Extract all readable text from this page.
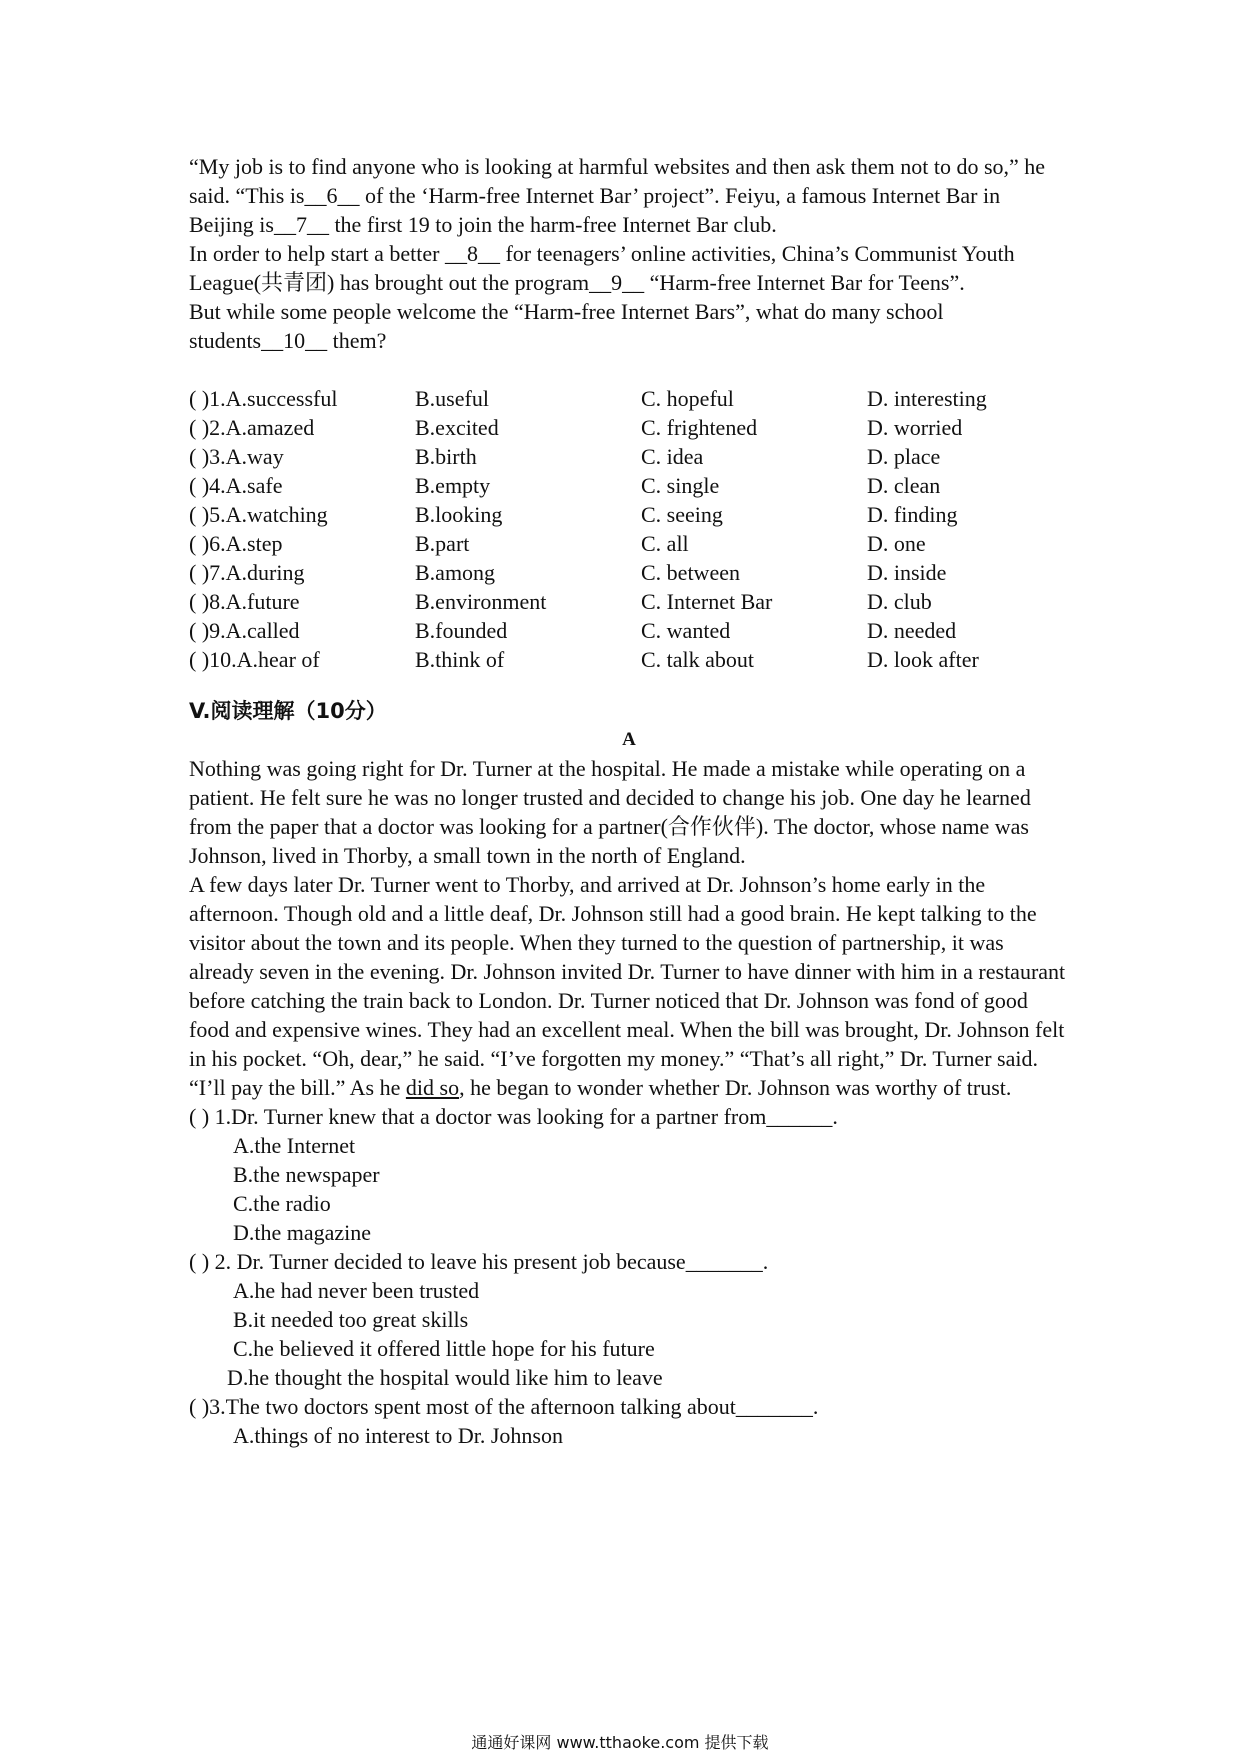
“My job is to find anyone who is looking at harmful websites and then ask them not to do so,” he said. “This is__6__ of the ‘Harm-free Internet Bar’ project”. Feiyu, a famous Internet Bar in Beijing is__7__ the first 19 to join the harm-free Internet Bar club.

In order to help start a better __8__ for teenagers’ online activities, China’s Communist Youth League(共青团) has brought out the program__9__ “Harm-free Internet Bar for Teens”.

But while some people welcome the “Harm-free Internet Bars”, what do many school students__10__ them?

( )1.A.successful	B.useful	C. hopeful	D. interesting
( )2.A.amazed	B.excited	C. frightened	D. worried
( )3.A.way	B.birth	C. idea	D. place
( )4.A.safe	B.empty	C. single	D. clean
( )5.A.watching	B.looking	C. seeing	D. finding
( )6.A.step	B.part	C. all	D. one
( )7.A.during	B.among	C. between	D. inside
( )8.A.future	B.environment	C. Internet Bar	D. club
( )9.A.called	B.founded	C. wanted	D. needed
( )10.A.hear of	B.think of	C. talk about	D. look after
V.阅读理解（10分）
A

Nothing was going right for Dr. Turner at the hospital. He made a mistake while operating on a patient. He felt sure he was no longer trusted and decided to change his job. One day he learned from the paper that a doctor was looking for a partner(合作伙伴). The doctor, whose name was Johnson, lived in Thorby, a small town in the north of England.

A few days later Dr. Turner went to Thorby, and arrived at Dr. Johnson’s home early in the afternoon. Though old and a little deaf, Dr. Johnson still had a good brain. He kept talking to the visitor about the town and its people. When they turned to the question of partnership, it was already seven in the evening. Dr. Johnson invited Dr. Turner to have dinner with him in a restaurant before catching the train back to London. Dr. Turner noticed that Dr. Johnson was fond of good food and expensive wines. They had an excellent meal. When the bill was brought, Dr. Johnson felt in his pocket. “Oh, dear,” he said. “I’ve forgotten my money.” “That’s all right,” Dr. Turner said. “I’ll pay the bill.” As he did so, he began to wonder whether Dr. Johnson was worthy of trust.

( ) 1.Dr. Turner knew that a doctor was looking for a partner from______.

A.the Internet
B.the newspaper
C.the radio
D.the magazine

( ) 2. Dr. Turner decided to leave his present job because_______.

A.he had never been trusted
B.it needed too great skills
C.he believed it offered little hope for his future
D.he thought the hospital would like him to leave

( )3.The two doctors spent most of the afternoon talking about_______.

A.things of no interest to Dr. Johnson
通通好课网 www.tthaoke.com 提供下载
